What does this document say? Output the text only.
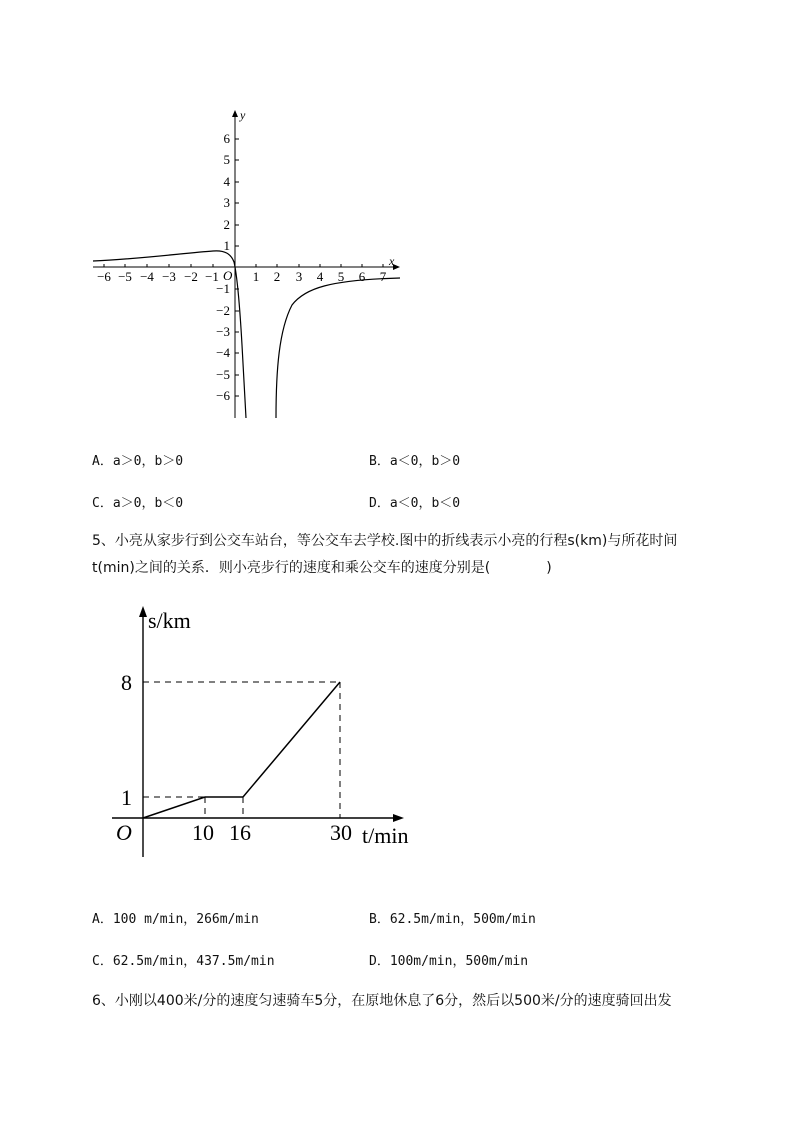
x
y
O
−6 −5 −4 −3 −2 −1	1 2 3 4 5 6 7
6
5
4
3
2
1
−1
−2
−3
−4
−5
−6
A．a＞0，b＞0	B．a＜0，b＞0
C．a＞0，b＜0	D．a＜0，b＜0
5、小亮从家步行到公交车站台，等公交车去学校.图中的折线表示小亮的行程s(km)与所花时间
t(min)之间的关系．则小亮步行的速度和乘公交车的速度分别是(　　　　)
s/km
t/min
O
8
1
10 16	30
A．100 m/min，266m/min	B．62.5m/min，500m/min
C．62.5m/min，437.5m/min	D．100m/min，500m/min
6、小刚以400米/分的速度匀速骑车5分，在原地休息了6分，然后以500米/分的速度骑回出发
